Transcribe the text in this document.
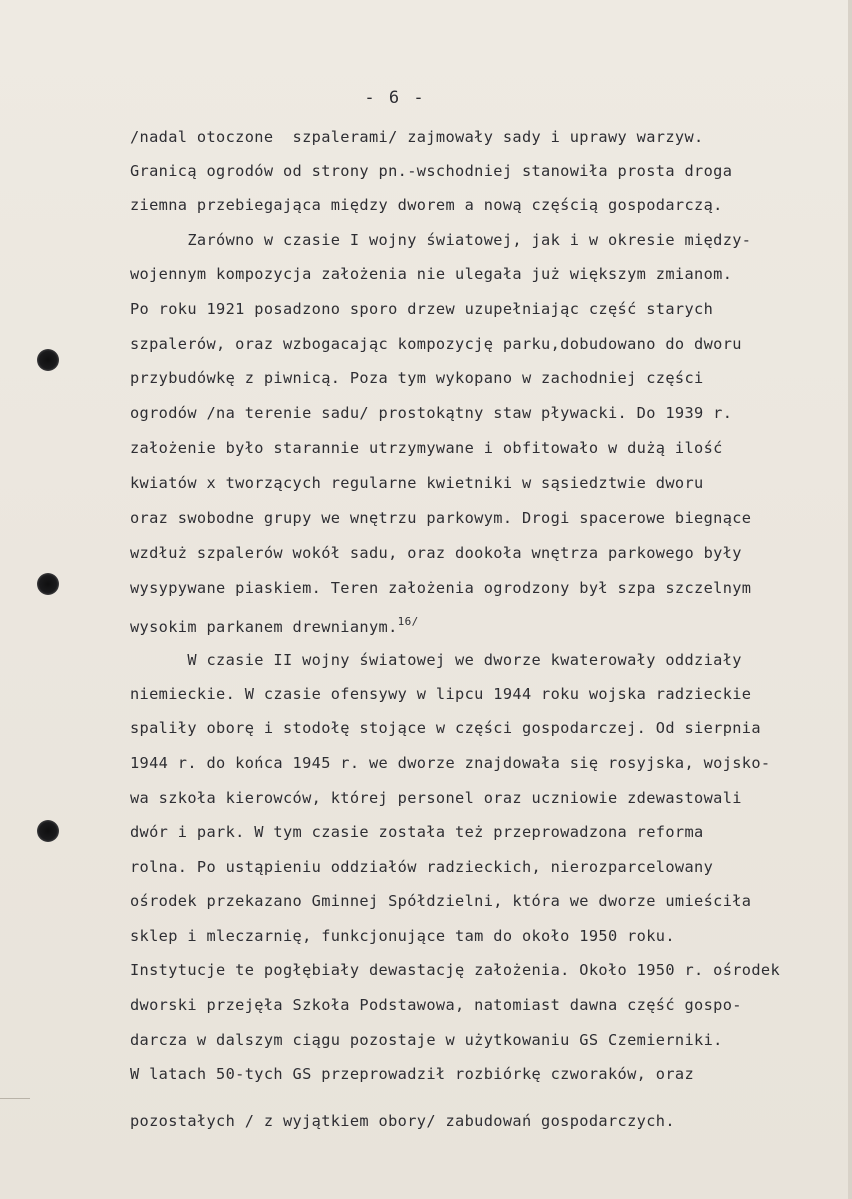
- 6 -
/nadal otoczone  szpalerami/ zajmowały sady i uprawy warzyw.
Granicą ogrodów od strony pn.-wschodniej stanowiła prosta droga
ziemna przebiegająca między dworem a nową częścią gospodarczą.
Zarówno w czasie I wojny światowej, jak i w okresie między-
wojennym kompozycja założenia nie ulegała już większym zmianom.
Po roku 1921 posadzono sporo drzew uzupełniając część starych
szpalerów, oraz wzbogacając kompozycję parku,dobudowano do dworu
przybudówkę z piwnicą. Poza tym wykopano w zachodniej części
ogrodów /na terenie sadu/ prostokątny staw pływacki. Do 1939 r.
założenie było starannie utrzymywane i obfitowało w dużą ilość
kwiatów x tworzących regularne kwietniki w sąsiedztwie dworu
oraz swobodne grupy we wnętrzu parkowym. Drogi spacerowe biegnące
wzdłuż szpalerów wokół sadu, oraz dookoła wnętrza parkowego były
wysypywane piaskiem. Teren założenia ogrodzony był szpa szczelnym
wysokim parkanem drewnianym.$^{16/}$
W czasie II wojny światowej we dworze kwaterowały oddziały
niemieckie. W czasie ofensywy w lipcu 1944 roku wojska radzieckie
spaliły oborę i stodołę stojące w części gospodarczej. Od sierpnia
1944 r. do końca 1945 r. we dworze znajdowała się rosyjska, wojsko-
wa szkoła kierowców, której personel oraz uczniowie zdewastowali
dwór i park. W tym czasie została też przeprowadzona reforma
rolna. Po ustąpieniu oddziałów radzieckich, nierozparcelowany
ośrodek przekazano Gminnej Spółdzielni, która we dworze umieściła
sklep i mleczarnię, funkcjonujące tam do około 1950 roku.
Instytucje te pogłębiały dewastację założenia. Około 1950 r. ośrodek
dworski przejęła Szkoła Podstawowa, natomiast dawna część gospo-
darcza w dalszym ciągu pozostaje w użytkowaniu GS Czemierniki.
W latach 50-tych GS przeprowadził rozbiórkę czworaków, oraz
pozostałych / z wyjątkiem obory/ zabudowań gospodarczych.
